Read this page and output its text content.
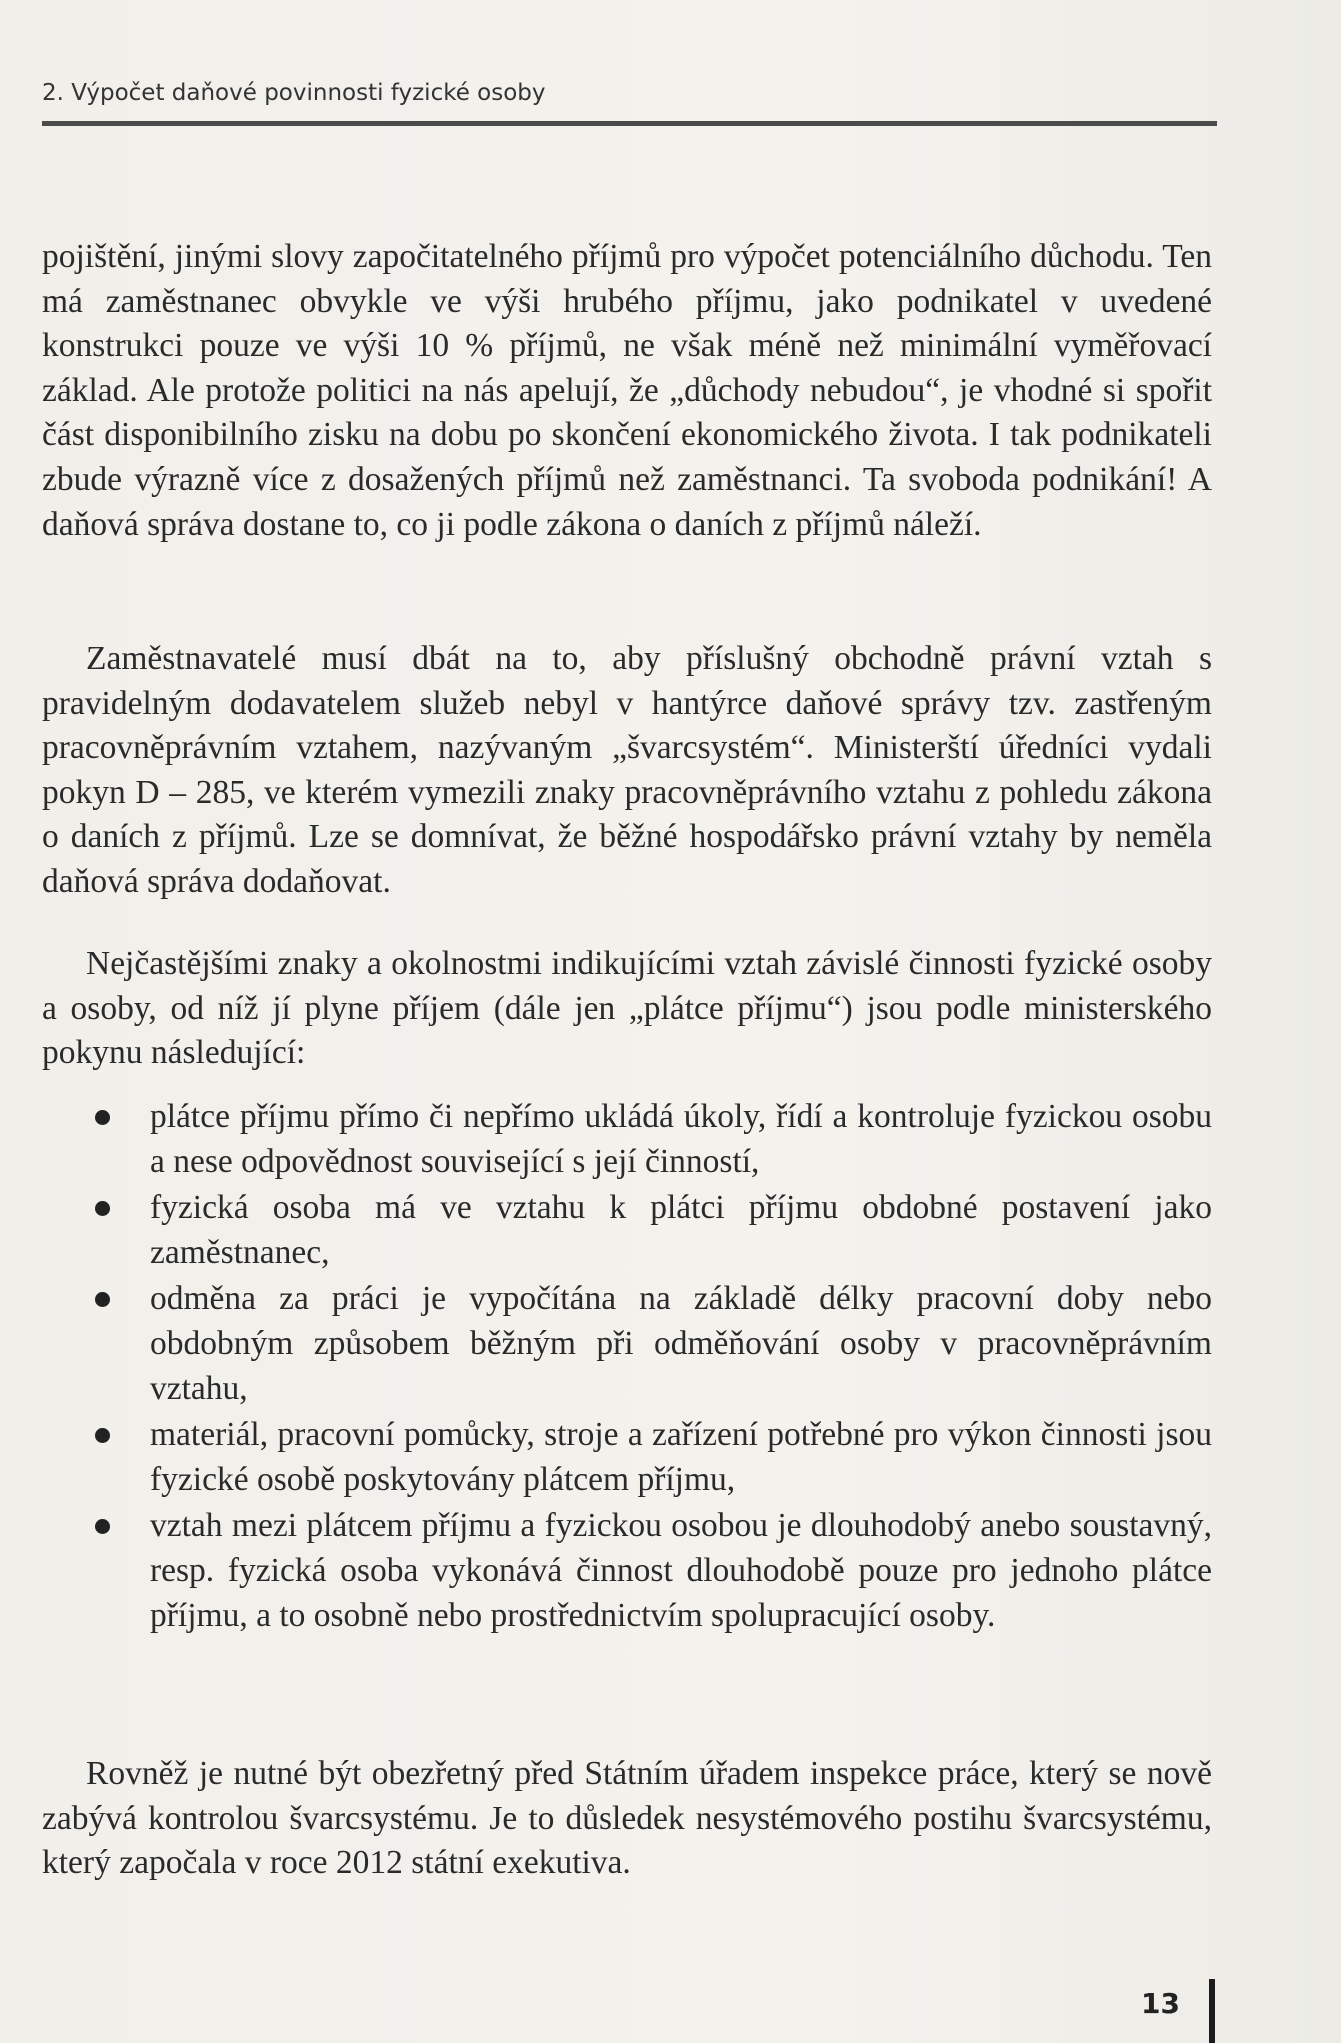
2. Výpočet daňové povinnosti fyzické osoby

pojištění, jinými slovy započitatelného příjmů pro výpočet potenciálního důchodu. Ten má zaměstnanec obvykle ve výši hrubého příjmu, jako podnikatel v uvedené konstrukci pouze ve výši 10 % příjmů, ne však méně než minimální vyměřovací základ. Ale protože politici na nás apelují, že „důchody nebudou“, je vhodné si spořit část disponibilního zisku na dobu po skončení ekonomického života. I tak podnikateli zbude výrazně více z dosažených příjmů než zaměstnanci. Ta svoboda podnikání! A daňová správa dostane to, co ji podle zákona o daních z příjmů náleží.

Zaměstnavatelé musí dbát na to, aby příslušný obchodně právní vztah s pravidelným dodavatelem služeb nebyl v hantýrce daňové správy tzv. zastřeným pracovněprávním vztahem, nazývaným „švarcsystém“. Ministerští úředníci vydali pokyn D – 285, ve kterém vymezili znaky pracovněprávního vztahu z pohledu zákona o daních z příjmů. Lze se domnívat, že běžné hospodářsko právní vztahy by neměla daňová správa dodaňovat.

Nejčastějšími znaky a okolnostmi indikujícími vztah závislé činnosti fyzické osoby a osoby, od níž jí plyne příjem (dále jen „plátce příjmu“) jsou podle ministerského pokynu následující:

plátce příjmu přímo či nepřímo ukládá úkoly, řídí a kontroluje fyzickou osobu a nese odpovědnost související s její činností,
fyzická osoba má ve vztahu k plátci příjmu obdobné postavení jako zaměstnanec,
odměna za práci je vypočítána na základě délky pracovní doby nebo obdobným způsobem běžným při odměňování osoby v pracovněprávním vztahu,
materiál, pracovní pomůcky, stroje a zařízení potřebné pro výkon činnosti jsou fyzické osobě poskytovány plátcem příjmu,
vztah mezi plátcem příjmu a fyzickou osobou je dlouhodobý anebo soustavný, resp. fyzická osoba vykonává činnost dlouhodobě pouze pro jednoho plátce příjmu, a to osobně nebo prostřednictvím spolupracující osoby.

Rovněž je nutné být obezřetný před Státním úřadem inspekce práce, který se nově zabývá kontrolou švarcsystému. Je to důsledek nesystémového postihu švarcsystému, který započala v roce 2012 státní exekutiva.

13
